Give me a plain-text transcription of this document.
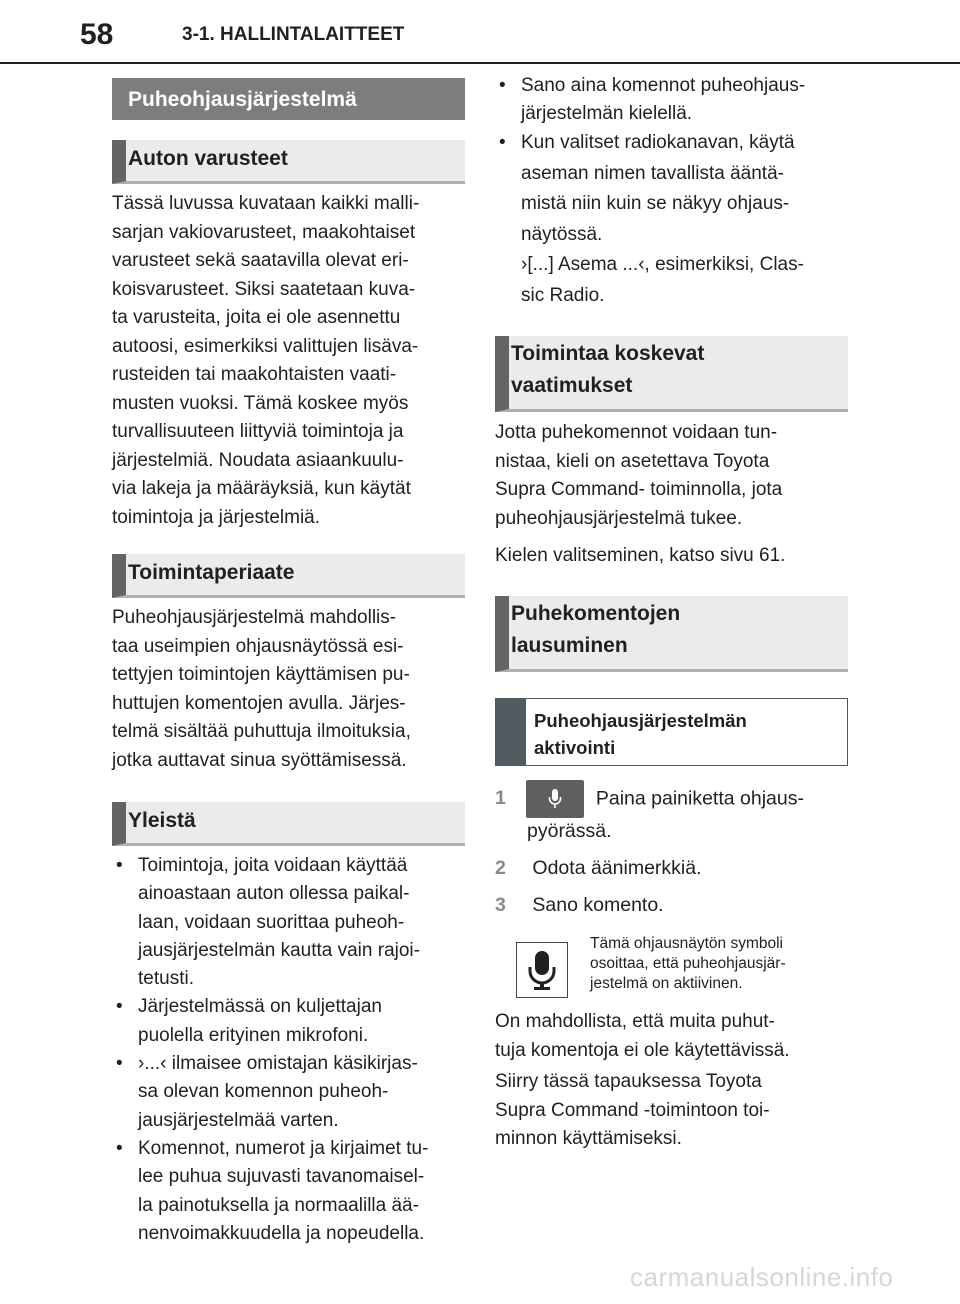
58	3-1. HALLINTALAITTEET
Puheohjausjärjestelmä
Auton varusteet

Tässä luvussa kuvataan kaikki malli-

sarjan vakiovarusteet, maakohtaiset

varusteet sekä saatavilla olevat eri-

koisvarusteet. Siksi saatetaan kuva-

ta varusteita, joita ei ole asennettu

autoosi, esimerkiksi valittujen lisäva-

rusteiden tai maakohtaisten vaati-

musten vuoksi. Tämä koskee myös

turvallisuuteen liittyviä toimintoja ja

järjestelmiä. Noudata asiaankuulu-

via lakeja ja määräyksiä, kun käytät

toimintoja ja järjestelmiä.

Toimintaperiaate

Puheohjausjärjestelmä mahdollis-

taa useimpien ohjausnäytössä esi-

tettyjen toimintojen käyttämisen pu-

huttujen komentojen avulla. Järjes-

telmä sisältää puhuttuja ilmoituksia,

jotka auttavat sinua syöttämisessä.

Yleistä
• Toimintoja, joita voidaan käyttää
ainoastaan auton ollessa paikal-
laan, voidaan suorittaa puheoh-
jausjärjestelmän kautta vain rajoi-
tetusti.
• Järjestelmässä on kuljettajan
puolella erityinen mikrofoni.
• ›...‹ ilmaisee omistajan käsikirjas-
sa olevan komennon puheoh-
jausjärjestelmää varten.
• Komennot, numerot ja kirjaimet tu-
lee puhua sujuvasti tavanomaisel-
la painotuksella ja normaalilla ää-
nenvoimakkuudella ja nopeudella.
• Sano aina komennot puheohjaus-
järjestelmän kielellä.
• Kun valitset radiokanavan, käytä
aseman nimen tavallista ääntä-
mistä niin kuin se näkyy ohjaus-
näytössä.
›[...] Asema ...‹, esimerkiksi, Clas-
sic Radio.
Toimintaa koskevat
vaatimukset

Jotta puhekomennot voidaan tun-

nistaa, kieli on asetettava Toyota

Supra Command- toiminnolla, jota

puheohjausjärjestelmä tukee.

Kielen valitseminen, katso sivu 61.

Puhekomentojen
lausuminen
Puheohjausjärjestelmän
aktivointi
1	Paina painiketta ohjaus-
pyörässä.
2 Odota äänimerkkiä.
3 Sano komento.
Tämä ohjausnäytön symboli
osoittaa, että puheohjausjär-
jestelmä on aktiivinen.

On mahdollista, että muita puhut-

tuja komentoja ei ole käytettävissä.

Siirry tässä tapauksessa Toyota

Supra Command -toimintoon toi-

minnon käyttämiseksi.

carmanualsonline.info
